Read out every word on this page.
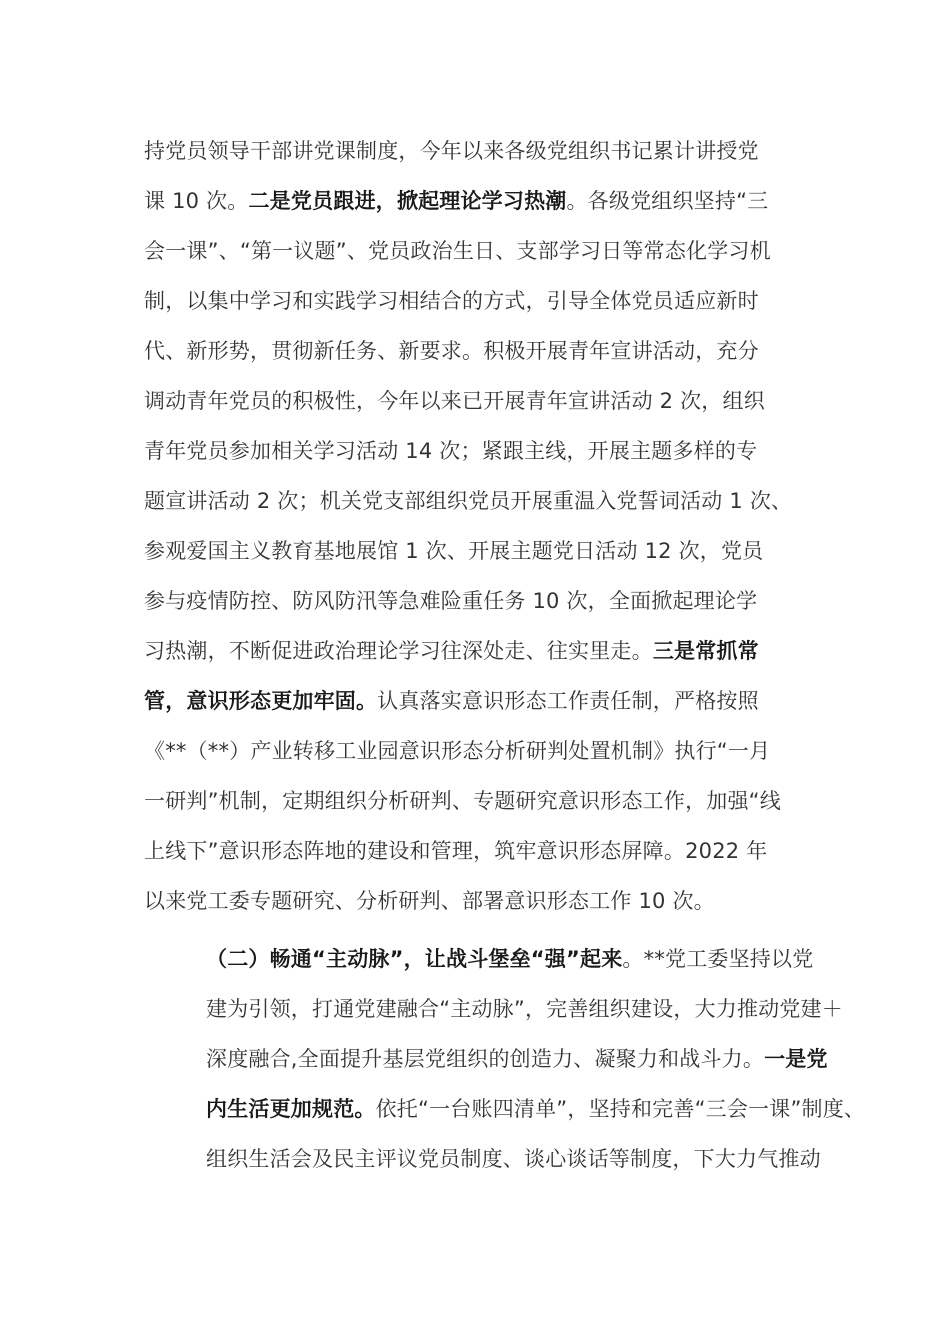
持党员领导干部讲党课制度，今年以来各级党组织书记累计讲授党
课 10 次。二是党员跟进，掀起理论学习热潮。各级党组织坚持“三
会一课”、“第一议题”、党员政治生日、支部学习日等常态化学习机
制，以集中学习和实践学习相结合的方式，引导全体党员适应新时
代、新形势，贯彻新任务、新要求。积极开展青年宣讲活动，充分
调动青年党员的积极性，今年以来已开展青年宣讲活动 2 次，组织
青年党员参加相关学习活动 14 次；紧跟主线，开展主题多样的专
题宣讲活动 2 次；机关党支部组织党员开展重温入党誓词活动 1 次、
参观爱国主义教育基地展馆 1 次、开展主题党日活动 12 次，党员
参与疫情防控、防风防汛等急难险重任务 10 次，全面掀起理论学
习热潮，不断促进政治理论学习往深处走、往实里走。三是常抓常
管，意识形态更加牢固。认真落实意识形态工作责任制，严格按照
《**（**）产业转移工业园意识形态分析研判处置机制》执行“一月
一研判”机制，定期组织分析研判、专题研究意识形态工作，加强“线
上线下”意识形态阵地的建设和管理，筑牢意识形态屏障。2022 年
以来党工委专题研究、分析研判、部署意识形态工作 10 次。

（二）畅通“主动脉”，让战斗堡垒“强”起来。**党工委坚持以党
建为引领，打通党建融合“主动脉”，完善组织建设，大力推动党建＋
深度融合,全面提升基层党组织的创造力、凝聚力和战斗力。一是党
内生活更加规范。依托“一台账四清单”，坚持和完善“三会一课”制度、
组织生活会及民主评议党员制度、谈心谈话等制度，下大力气推动
